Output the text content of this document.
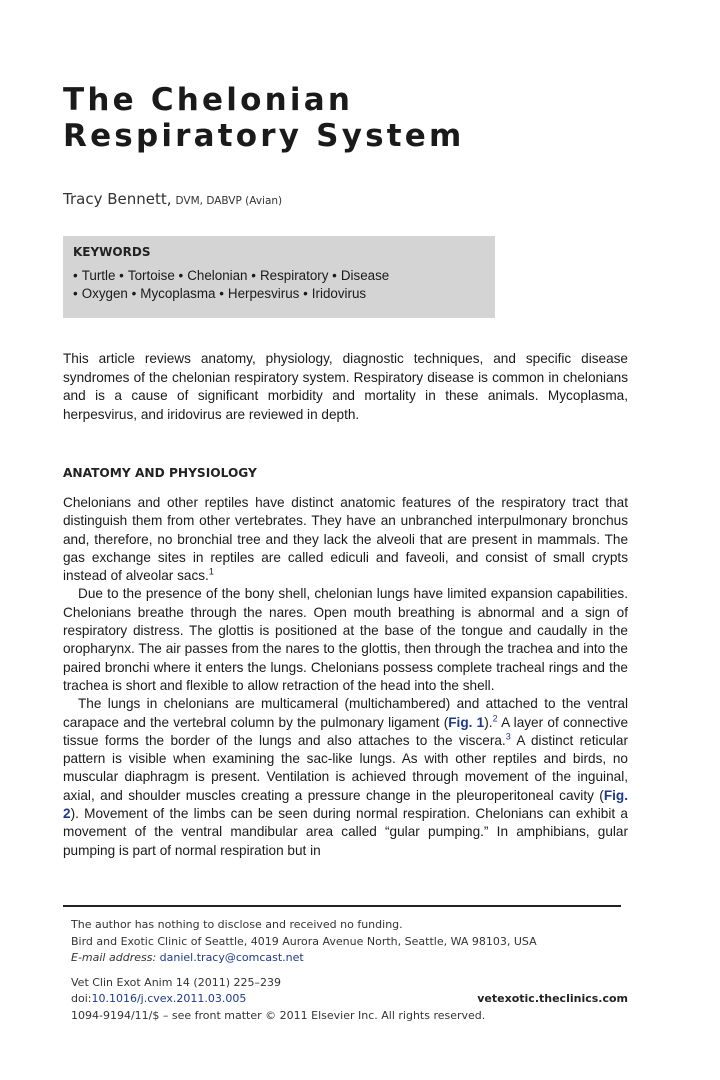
The Chelonian
Respiratory System
Tracy Bennett, DVM, DABVP (Avian)
KEYWORDS
• Turtle • Tortoise • Chelonian • Respiratory • Disease
• Oxygen • Mycoplasma • Herpesvirus • Iridovirus

This article reviews anatomy, physiology, diagnostic techniques, and specific disease syndromes of the chelonian respiratory system. Respiratory disease is common in chelonians and is a cause of significant morbidity and mortality in these animals. Mycoplasma, herpesvirus, and iridovirus are reviewed in depth.

ANATOMY AND PHYSIOLOGY

Chelonians and other reptiles have distinct anatomic features of the respiratory tract that distinguish them from other vertebrates. They have an unbranched interpulmonary bronchus and, therefore, no bronchial tree and they lack the alveoli that are present in mammals. The gas exchange sites in reptiles are called ediculi and faveoli, and consist of small crypts instead of alveolar sacs.$^1$

Due to the presence of the bony shell, chelonian lungs have limited expansion capabilities. Chelonians breathe through the nares. Open mouth breathing is abnormal and a sign of respiratory distress. The glottis is positioned at the base of the tongue and caudally in the oropharynx. The air passes from the nares to the glottis, then through the trachea and into the paired bronchi where it enters the lungs. Chelonians possess complete tracheal rings and the trachea is short and flexible to allow retraction of the head into the shell.

The lungs in chelonians are multicameral (multichambered) and attached to the ventral carapace and the vertebral column by the pulmonary ligament (Fig. 1).$^2$ A layer of connective tissue forms the border of the lungs and also attaches to the viscera.$^3$ A distinct reticular pattern is visible when examining the sac-like lungs. As with other reptiles and birds, no muscular diaphragm is present. Ventilation is achieved through movement of the inguinal, axial, and shoulder muscles creating a pressure change in the pleuroperitoneal cavity (Fig. 2). Movement of the limbs can be seen during normal respiration. Chelonians can exhibit a movement of the ventral mandibular area called “gular pumping.” In amphibians, gular pumping is part of normal respiration but in

The author has nothing to disclose and received no funding.
Bird and Exotic Clinic of Seattle, 4019 Aurora Avenue North, Seattle, WA 98103, USA
E-mail address: daniel.tracy@comcast.net
Vet Clin Exot Anim 14 (2011) 225–239
doi:10.1016/j.cvex.2011.03.005	vetexotic.theclinics.com
1094-9194/11/$ – see front matter © 2011 Elsevier Inc. All rights reserved.
